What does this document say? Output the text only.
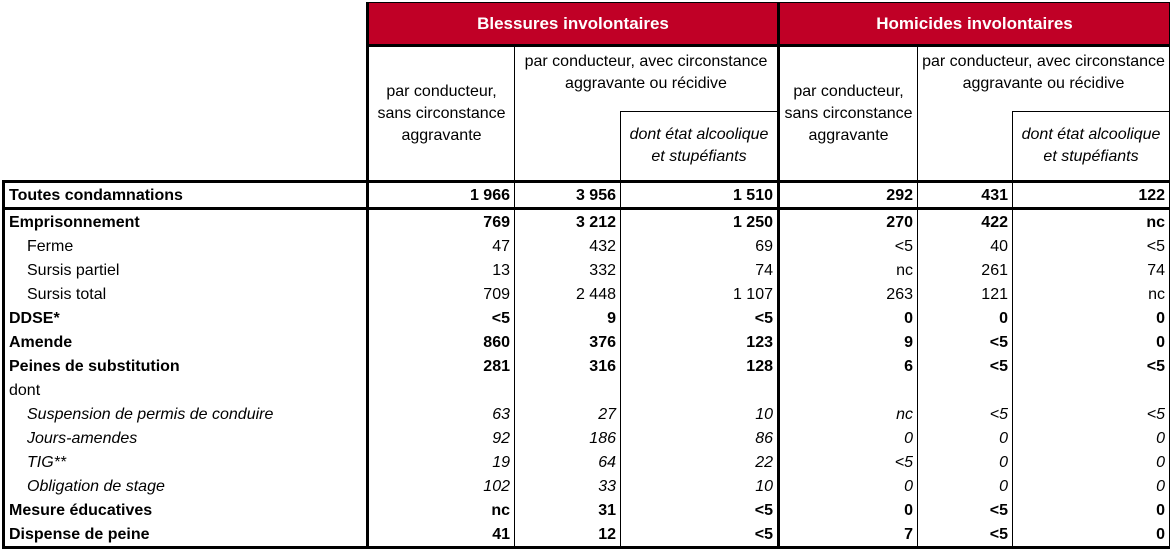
	Blessures involontaires			Homicides involontaires		
	par conducteur, sans circonstance aggravante	par conducteur, avec circonstance aggravante ou récidive		par conducteur, sans circonstance aggravante	par conducteur, avec circonstance aggravante ou récidive	
			dont état alcoolique et stupéfiants			dont état alcoolique et stupéfiants
Toutes condamnations	1 966	3 956	1 510	292	431	122
Emprisonnement	769	3 212	1 250	270	422	nc
Ferme	47	432	69	<5	40	<5
Sursis partiel	13	332	74	nc	261	74
Sursis total	709	2 448	1 107	263	121	nc
DDSE*	<5	9	<5	0	0	0
Amende	860	376	123	9	<5	0
Peines de substitution	281	316	128	6	<5	<5
dont						
Suspension de permis de conduire	63	27	10	nc	<5	<5
Jours-amendes	92	186	86	0	0	0
TIG**	19	64	22	<5	0	0
Obligation de stage	102	33	10	0	0	0
Mesure éducatives	nc	31	<5	0	<5	0
Dispense de peine	41	12	<5	7	<5	0
